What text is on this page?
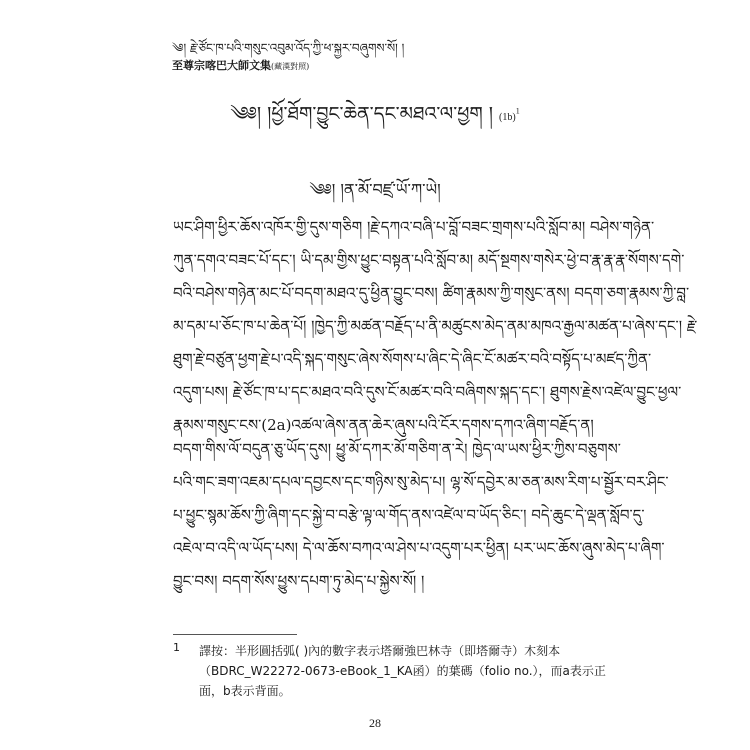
༄། རྗེ་ཙོང་ཁ་པའི་གསུང་འབུམ་འོད་ཀྱི་ཕ་སྐྱར་བཞུགས་སོ། །
至尊宗喀巴大師文集(藏漢對照)
༄༅། །ཕྱོ་ཐོག་བྱུང་ཆེན་དང་མཐའ་ལ་ཕྱག ། $(1b)^1$
༄༅། །ན་མོ་བཛྲ་ཡོ་ཀ་ཡེ།
ཡང་ཤིག་ཕྱིར་ཆོས་འཁོར་གྱི་དུས་གཅིག །རྗེ་དཀའ་བཞི་པ་བློ་བཟང་གྲགས་པའི་སློབ་མ། བཤེས་གཉེན་
ཀུན་དགའ་བཟང་པོ་དང་། ཡི་དམ་གྱིས་ཕྱུང་བསྟན་པའི་སློབ་མ། མདོ་སྔགས་གསེར་ཕྱེ་བ་རྣ་རྣ་རྣ་སོགས་དགེ་
བའི་བཤེས་གཉེན་མང་པོ་བདག་མཐའ་དུ་ཕྱིན་བྱུང་བས། ཚིག་རྣམས་ཀྱི་གསུང་ནས། བདག་ཅག་རྣམས་ཀྱི་བླ་
མ་དམ་པ་ཅོང་ཁ་པ་ཆེན་པོ། །ཁྱེད་ཀྱི་མཚན་བརྗོད་པ་ནི་མཚུངས་མེད་ནམ་མཁའ་རྒྱལ་མཚན་པ་ཞེས་དང་། རྗེ་
ཐུག་རྗེ་བཙུན་ཕྱག་རྗེ་པ་འདི་སྐད་གསུང་ཞེས་སོགས་པ་ཞིང་དེ་ཞིང་ངོ་མཚར་བའི་བསྟོད་པ་མཛད་ཀྱིན་
འདུག་པས། རྗེ་ཙོང་ཁ་པ་དང་མཐའ་བའི་དུས་ངོ་མཚར་བའི་བཞིགས་སྐད་དང་། ཐུགས་རྗེས་འཛེལ་བྱུང་ཕྱལ་
རྣམས་གསུང་ངས་(2a)འཚལ་ཞེས་ནན་ཆེར་ཞུས་པའི་ངོར་དགས་དཀའ་ཞིག་བརྗོད་ན།
བདག་གིས་ལོ་བདུན་ཅུ་ཡོད་དུས། ཕྱུ་མོ་དཀར་མོ་གཅིག་ན་རེ། ཁྱེད་ལ་ཡས་ཕྱིར་ཀྱིས་བཅུགས་
པའི་གང་ཟག་འཇམ་དཔལ་དབྱངས་དང་གཉིས་སུ་མེད་པ། ལྷ་སོ་དབྱེར་མ་ཅན་མས་རིག་པ་སྦྱོར་བར་ཤིང་
པ་ཕྱུང་སྙམ་ཆོས་ཀྱི་ཞིག་དང་སྐྱེ་བ་བརྩེ་ལྟ་ལ་གོད་ནས་འཛེལ་བ་ཡོད་ཅིང་། བདེ་ཆུང་དེ་ལྡན་སློབ་དུ་
འཇེལ་བ་འདི་ལ་ཡོད་པས། དེ་ལ་ཆོས་བཀའ་ལ་ཤེས་པ་འདུག་པར་ཕྱིན། པར་ཡང་ཆོས་ཞུས་མེད་པ་ཞིག་
བྱུང་བས། བདག་སོས་ཕྱུས་དཔག་ཏུ་མེད་པ་སྐྱེས་སོ། །
1 譯按：半形圓括弧( )內的數字表示塔爾強巴林寺（即塔爾寺）木刻本
（BDRC_W22272-0673-eBook_1_KA函）的葉碼（folio no.），而a表示正
面，b表示背面。
28
